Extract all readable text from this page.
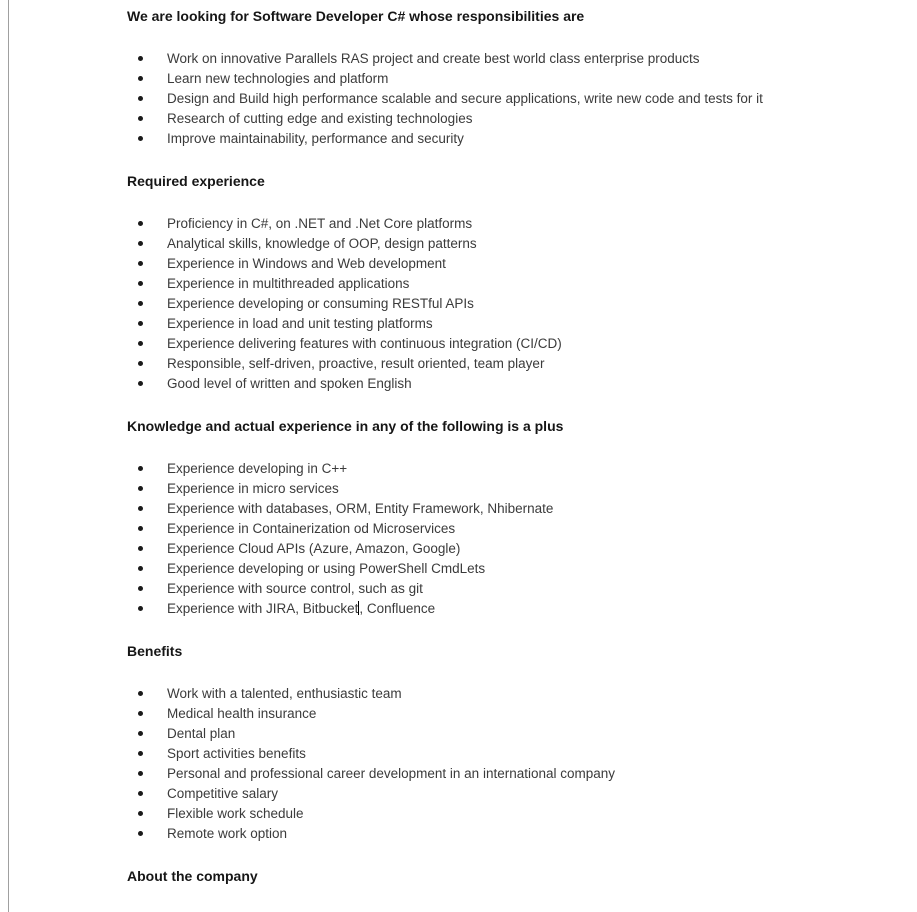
We are looking for Software Developer C# whose responsibilities are
Work on innovative Parallels RAS project and create best world class enterprise products
Learn new technologies and platform
Design and Build high performance scalable and secure applications, write new code and tests for it
Research of cutting edge and existing technologies
Improve maintainability, performance and security
Required experience
Proficiency in C#, on .NET and .Net Core platforms
Analytical skills, knowledge of OOP, design patterns
Experience in Windows and Web development
Experience in multithreaded applications
Experience developing or consuming RESTful APIs
Experience in load and unit testing platforms
Experience delivering features with continuous integration (CI/CD)
Responsible, self-driven, proactive, result oriented, team player
Good level of written and spoken English
Knowledge and actual experience in any of the following is a plus
Experience developing in C++
Experience in micro services
Experience with databases, ORM, Entity Framework, Nhibernate
Experience in Containerization od Microservices
Experience Cloud APIs (Azure, Amazon, Google)
Experience developing or using PowerShell CmdLets
Experience with source control, such as git
Experience with JIRA, Bitbucket, Confluence
Benefits
Work with a talented, enthusiastic team
Medical health insurance
Dental plan
Sport activities benefits
Personal and professional career development in an international company
Competitive salary
Flexible work schedule
Remote work option
About the company
